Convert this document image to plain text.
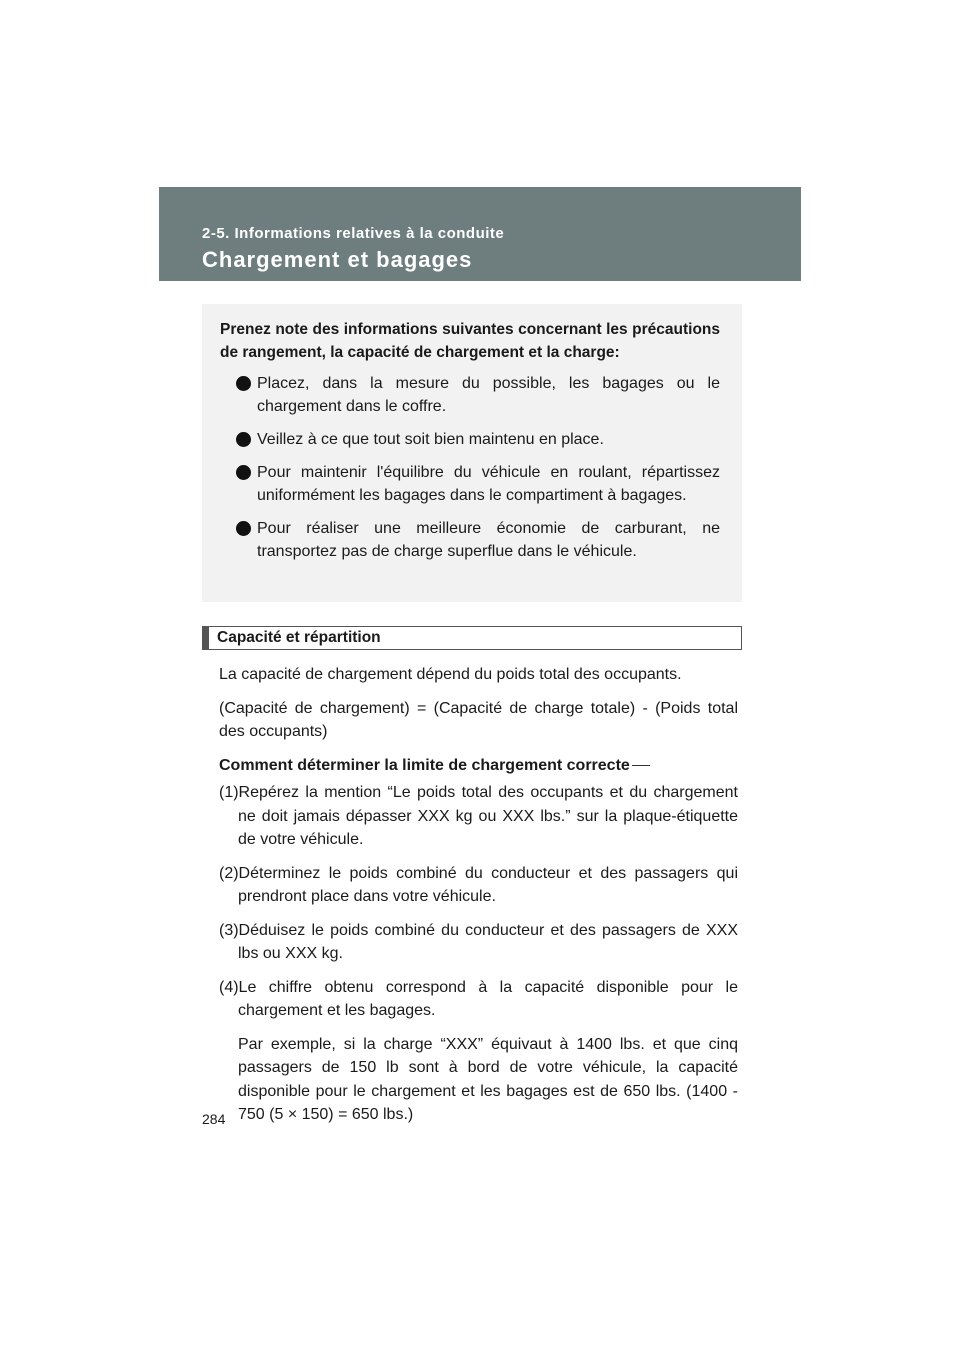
2-5. Informations relatives à la conduite
Chargement et bagages

Prenez note des informations suivantes concernant les précautions de rangement, la capacité de chargement et la charge:

Placez, dans la mesure du possible, les bagages ou le chargement dans le coffre.
Veillez à ce que tout soit bien maintenu en place.
Pour maintenir l'équilibre du véhicule en roulant, répartissez uniformément les bagages dans le compartiment à bagages.
Pour réaliser une meilleure économie de carburant, ne transportez pas de charge superflue dans le véhicule.
Capacité et répartition

La capacité de chargement dépend du poids total des occupants.

(Capacité de chargement) = (Capacité de charge totale) - (Poids total des occupants)

Comment déterminer la limite de chargement correcte

(1)Repérez la mention “Le poids total des occupants et du chargement ne doit jamais dépasser XXX kg ou XXX lbs.” sur la plaque-étiquette de votre véhicule.

(2)Déterminez le poids combiné du conducteur et des passagers qui prendront place dans votre véhicule.

(3)Déduisez le poids combiné du conducteur et des passagers de XXX lbs ou XXX kg.

(4)Le chiffre obtenu correspond à la capacité disponible pour le chargement et les bagages.

Par exemple, si la charge “XXX” équivaut à 1400 lbs. et que cinq passagers de 150 lb sont à bord de votre véhicule, la capacité disponible pour le chargement et les bagages est de 650 lbs. (1400 - 750 (5 × 150) = 650 lbs.)

284
